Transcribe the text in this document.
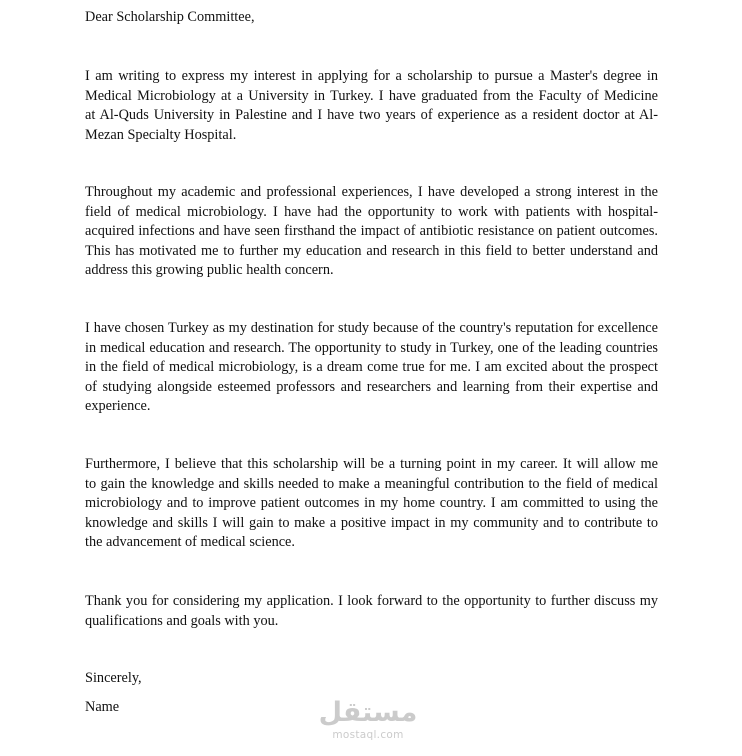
Dear Scholarship Committee,
I am writing to express my interest in applying for a scholarship to pursue a Master's degree in
Medical Microbiology at a University in Turkey. I have graduated from the Faculty of Medicine
at Al-Quds University in Palestine and I have two years of experience as a resident doctor at Al-
Mezan Specialty Hospital.
Throughout my academic and professional experiences, I have developed a strong interest in the
field of medical microbiology. I have had the opportunity to work with patients with hospital-
acquired infections and have seen firsthand the impact of antibiotic resistance on patient outcomes.
This has motivated me to further my education and research in this field to better understand and
address this growing public health concern.
I have chosen Turkey as my destination for study because of the country's reputation for excellence
in medical education and research. The opportunity to study in Turkey, one of the leading countries
in the field of medical microbiology, is a dream come true for me. I am excited about the prospect
of studying alongside esteemed professors and researchers and learning from their expertise and
experience.
Furthermore, I believe that this scholarship will be a turning point in my career. It will allow me
to gain the knowledge and skills needed to make a meaningful contribution to the field of medical
microbiology and to improve patient outcomes in my home country. I am committed to using the
knowledge and skills I will gain to make a positive impact in my community and to contribute to
the advancement of medical science.
Thank you for considering my application. I look forward to the opportunity to further discuss my
qualifications and goals with you.
Sincerely,
Name	مستقل
mostaql.com
